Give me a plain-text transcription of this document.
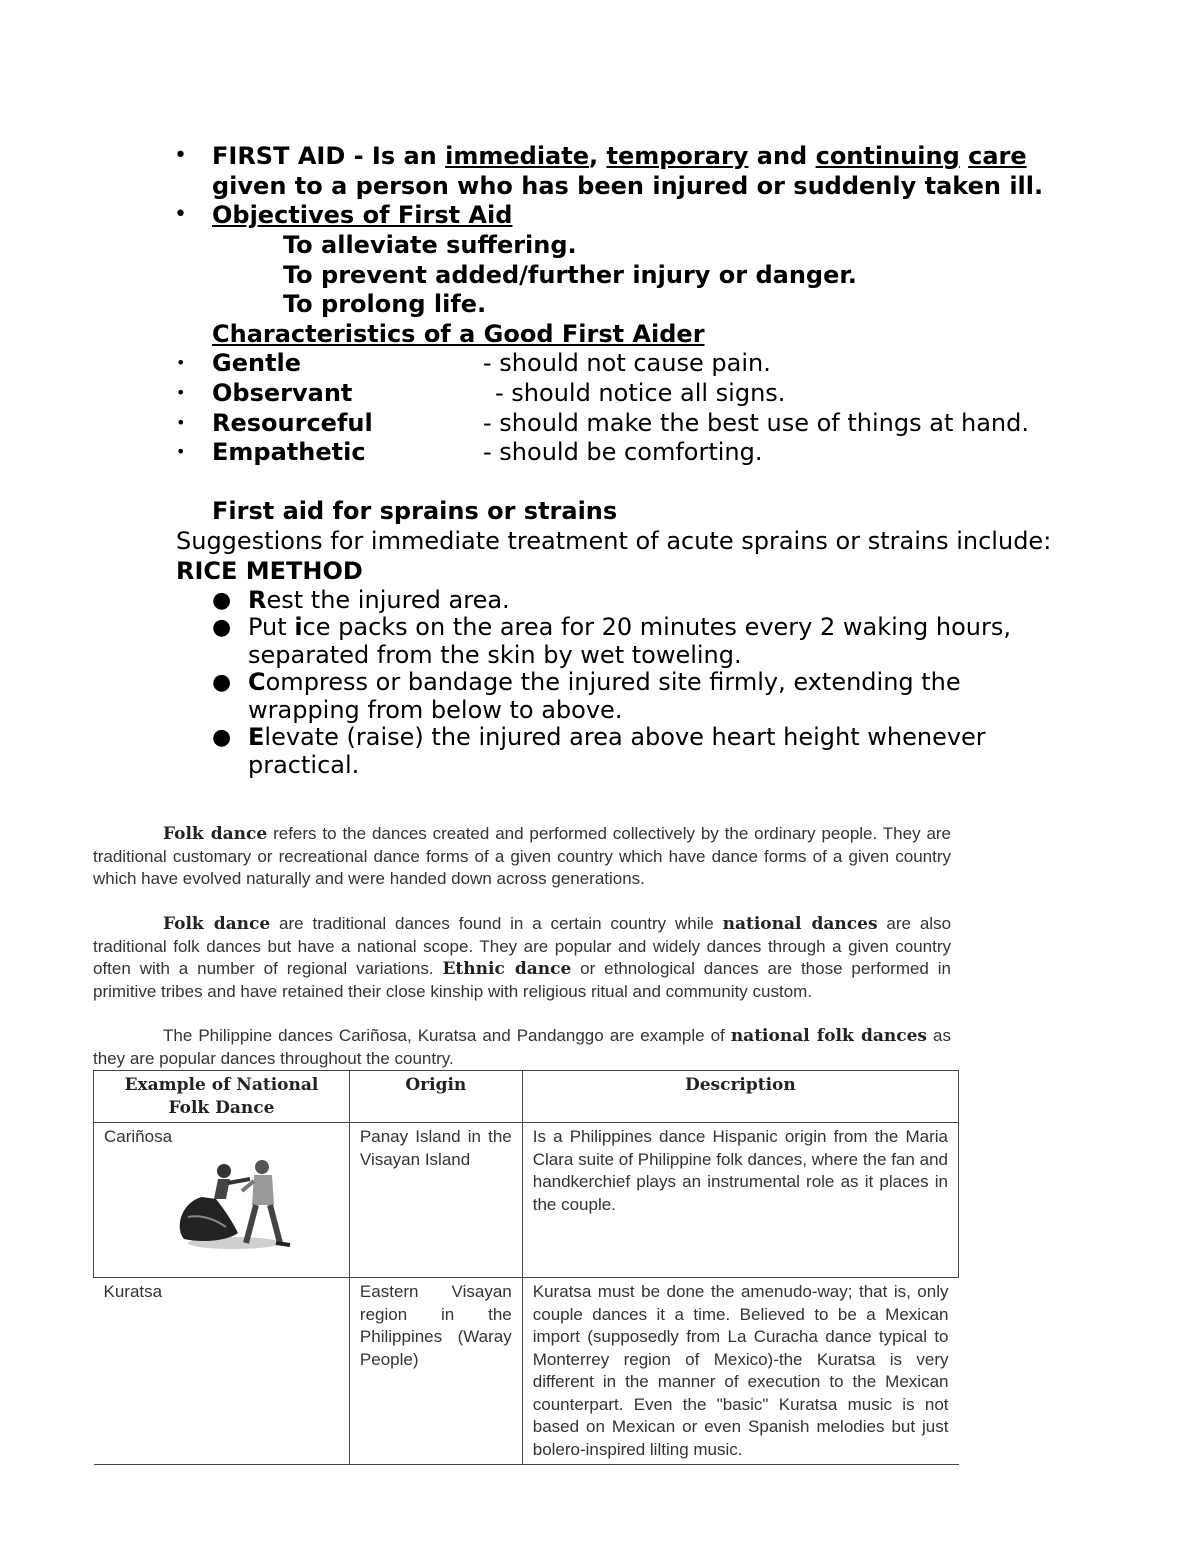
• FIRST AID - Is an immediate, temporary and continuing care
given to a person who has been injured or suddenly taken ill.
• Objectives of First Aid
To alleviate suffering.
To prevent added/further injury or danger.
To prolong life.
Characteristics of a Good First Aider
• Gentle	- should not cause pain.
• Observant	- should notice all signs.
• Resourceful	- should make the best use of things at hand.
• Empathetic	- should be comforting.
First aid for sprains or strains
Suggestions for immediate treatment of acute sprains or strains include:
RICE METHOD
● Rest the injured area.
● Put ice packs on the area for 20 minutes every 2 waking hours, separated from the skin by wet toweling.
● Compress or bandage the injured site firmly, extending the wrapping from below to above.
● Elevate (raise) the injured area above heart height whenever practical.
Folk dance refers to the dances created and performed collectively by the ordinary people. They are traditional customary or recreational dance forms of a given country which have dance forms of a given country which have evolved naturally and were handed down across generations.
Folk dance are traditional dances found in a certain country while national dances are also traditional folk dances but have a national scope. They are popular and widely dances through a given country often with a number of regional variations. Ethnic dance or ethnological dances are those performed in primitive tribes and have retained their close kinship with religious ritual and community custom.
The Philippine dances Cariñosa, Kuratsa and Pandanggo are example of national folk dances as they are popular dances throughout the country.
Example of National Folk Dance	Origin	Description

Cariñosa	Panay Island in the Visayan Island	Is a Philippines dance Hispanic origin from the Maria Clara suite of Philippine folk dances, where the fan and handkerchief plays an instrumental role as it places in the couple.
Kuratsa	Eastern Visayan region in the Philippines (Waray People)	Kuratsa must be done the amenudo-way; that is, only couple dances it a time. Believed to be a Mexican import (supposedly from La Curacha dance typical to Monterrey region of Mexico)-the Kuratsa is very different in the manner of execution to the Mexican counterpart. Even the "basic" Kuratsa music is not based on Mexican or even Spanish melodies but just bolero-inspired lilting music.
